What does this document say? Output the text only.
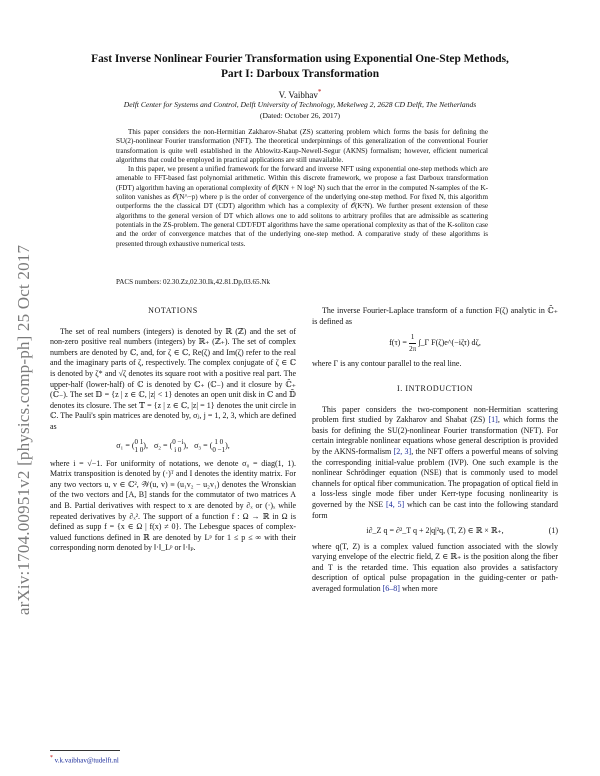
arXiv:1704.00951v2 [physics.comp-ph] 25 Oct 2017
Fast Inverse Nonlinear Fourier Transformation using Exponential One-Step Methods,
Part I: Darboux Transformation
V. Vaibhav*
Delft Center for Systems and Control, Delft University of Technology, Mekelweg 2, 2628 CD Delft, The Netherlands
(Dated: October 26, 2017)

This paper considers the non-Hermitian Zakharov-Shabat (ZS) scattering problem which forms the basis for defining the SU(2)-nonlinear Fourier transformation (NFT). The theoretical underpinnings of this generalization of the conventional Fourier transformation is quite well established in the Ablowitz-Kaup-Newell-Segur (AKNS) formalism; however, efficient numerical algorithms that could be employed in practical applications are still unavailable.

In this paper, we present a unified framework for the forward and inverse NFT using exponential one-step methods which are amenable to FFT-based fast polynomial arithmetic. Within this discrete framework, we propose a fast Darboux transformation (FDT) algorithm having an operational complexity of 𝒪(KN + N log² N) such that the error in the computed N-samples of the K-soliton vanishes as 𝒪(N^−p) where p is the order of convergence of the underlying one-step method. For fixed N, this algorithm outperforms the the classical DT (CDT) algorithm which has a complexity of 𝒪(K²N). We further present extension of these algorithms to the general version of DT which allows one to add solitons to arbitrary profiles that are admissible as scattering potentials in the ZS-problem. The general CDT/FDT algorithms have the same operational complexity as that of the K-soliton case and the order of convergence matches that of the underlying one-step method. A comparative study of these algorithms is presented through exhaustive numerical tests.

PACS numbers: 02.30.Zz,02.30.Ik,42.81.Dp,03.65.Nk
NOTATIONS

The set of real numbers (integers) is denoted by ℝ (ℤ) and the set of non-zero positive real numbers (integers) by ℝ₊ (ℤ₊). The set of complex numbers are denoted by ℂ, and, for ζ ∈ ℂ, Re(ζ) and Im(ζ) refer to the real and the imaginary parts of ζ, respectively. The complex conjugate of ζ ∈ ℂ is denoted by ζ* and √ζ denotes its square root with a positive real part. The upper-half (lower-half) of ℂ is denoted by ℂ₊ (ℂ₋) and it closure by ℂ̄₊ (ℂ̄₋). The set 𝔻 = {z | z ∈ ℂ, |z| < 1} denotes an open unit disk in ℂ and 𝔻̄ denotes its closure. The set 𝕋 = {z | z ∈ ℂ, |z| = 1} denotes the unit circle in ℂ. The Pauli's spin matrices are denoted by, σⱼ, j = 1, 2, 3, which are defined as

σ₁ = ( 0 1
1 0
),   σ₂ = ( 0 −i
i 0
),   σ₃ = ( 1 0
0 −1
),

where i = √−1. For uniformity of notations, we denote σ₀ = diag(1, 1). Matrix transposition is denoted by (·)ᵀ and I denotes the identity matrix. For any two vectors u, v ∈ ℂ², 𝒲(u, v) ≡ (u₁v₂ − u₂v₁) denotes the Wronskian of the two vectors and [A, B] stands for the commutator of two matrices A and B. Partial derivatives with respect to x are denoted by ∂ₓ or (·)ₓ while repeated derivatives by ∂ₓ². The support of a function f : Ω → ℝ in Ω is defined as supp f = {x ∈ Ω | f(x) ≠ 0}. The Lebesgue spaces of complex-valued functions defined in ℝ are denoted by Lᵖ for 1 ≤ p ≤ ∞ with their corresponding norm denoted by ‖·‖_Lᵖ or ‖·‖ₚ.

The inverse Fourier-Laplace transform of a function F(ζ) analytic in ℂ̄₊ is defined as

$f(\tau) = \frac{1}{2\pi}$ ∫_Γ F(ζ)e^(−iζτ) dζ,

where Γ is any contour parallel to the real line.

I. INTRODUCTION

This paper considers the two-component non-Hermitian scattering problem first studied by Zakharov and Shabat (ZS) [1], which forms the basis for defining the SU(2)-nonlinear Fourier transformation (NFT). For certain integrable nonlinear equations whose general description is provided by the AKNS-formalism [2, 3], the NFT offers a powerful means of solving the corresponding initial-value problem (IVP). One such example is the nonlinear Schrödinger equation (NSE) that is commonly used to model channels for optical fiber communication. The propagation of optical field in a loss-less single mode fiber under Kerr-type focusing nonlinearity is governed by the NSE [4, 5] which can be cast into the following standard form

i∂_Z q = ∂²_T q + 2|q|²q, (T, Z) ∈ ℝ × ℝ₊,	(1)

where q(T, Z) is a complex valued function associated with the slowly varying envelope of the electric field, Z ∈ ℝ₊ is the position along the fiber and T is the retarded time. This equation also provides a satisfactory description of optical pulse propagation in the guiding-center or path-averaged formulation [6–8] when more

* v.k.vaibhav@tudelft.nl
